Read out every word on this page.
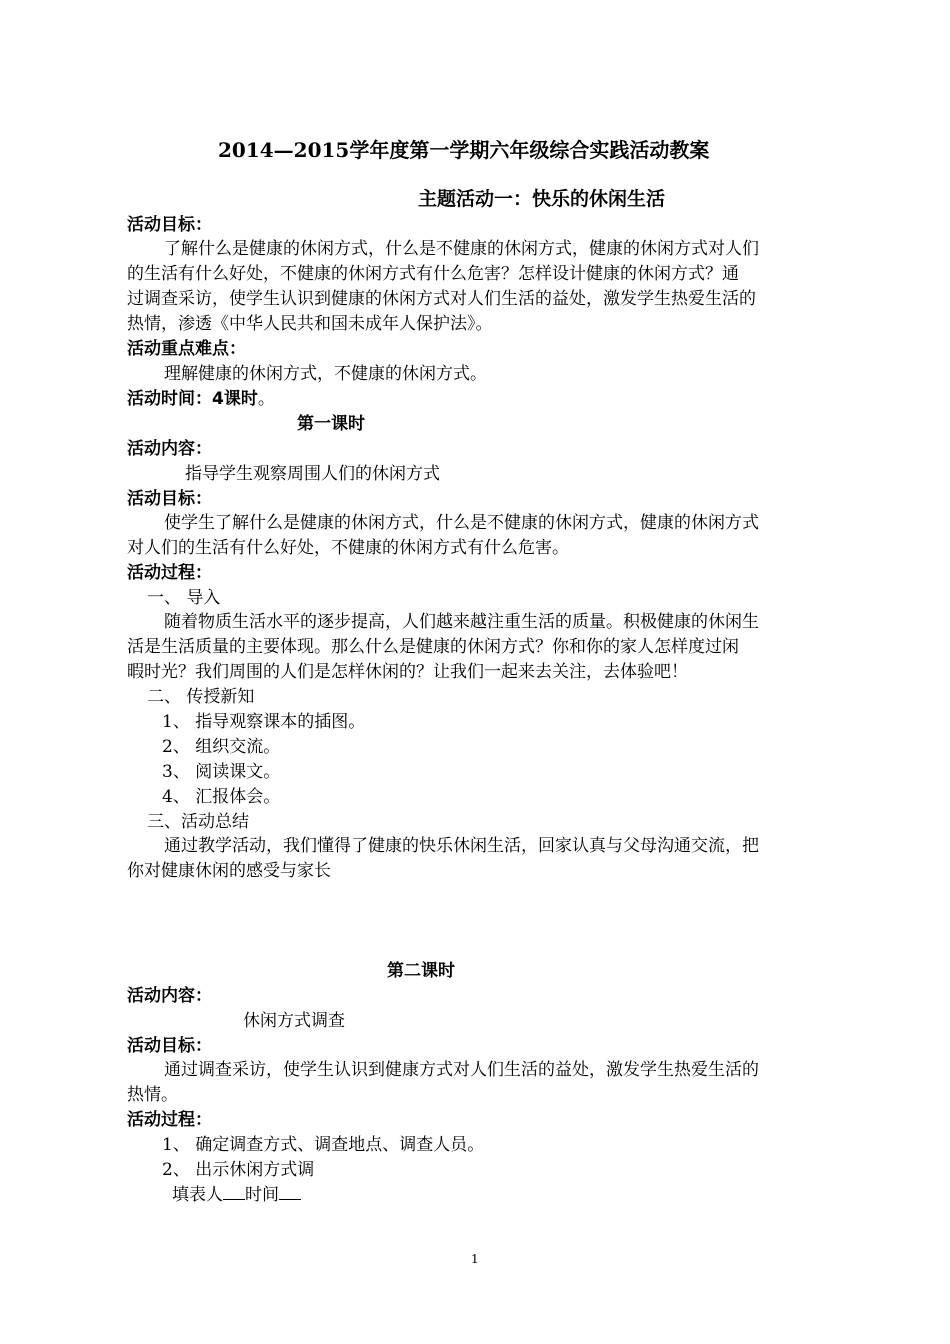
2014—2015学年度第一学期六年级综合实践活动教案
主题活动一：快乐的休闲生活
活动目标：
了解什么是健康的休闲方式，什么是不健康的休闲方式，健康的休闲方式对人们
的生活有什么好处，不健康的休闲方式有什么危害？怎样设计健康的休闲方式？通
过调查采访，使学生认识到健康的休闲方式对人们生活的益处，激发学生热爱生活的
热情，渗透《中华人民共和国未成年人保护法》。
活动重点难点：
理解健康的休闲方式，不健康的休闲方式。
活动时间：4课时。
第一课时
活动内容：
指导学生观察周围人们的休闲方式
活动目标：
使学生了解什么是健康的休闲方式，什么是不健康的休闲方式，健康的休闲方式
对人们的生活有什么好处，不健康的休闲方式有什么危害。
活动过程：
一、 导入
随着物质生活水平的逐步提高，人们越来越注重生活的质量。积极健康的休闲生
活是生活质量的主要体现。那么什么是健康的休闲方式？你和你的家人怎样度过闲
暇时光？我们周围的人们是怎样休闲的？让我们一起来去关注，去体验吧！
二、 传授新知
1、 指导观察课本的插图。
2、 组织交流。
3、 阅读课文。
4、 汇报体会。
三、活动总结
通过教学活动，我们懂得了健康的快乐休闲生活，回家认真与父母沟通交流，把
你对健康休闲的感受与家长
第二课时
活动内容：
休闲方式调查
活动目标：
通过调查采访，使学生认识到健康方式对人们生活的益处，激发学生热爱生活的
热情。
活动过程：
1、 确定调查方式、调查地点、调查人员。
2、 出示休闲方式调
填表人 时间
1
